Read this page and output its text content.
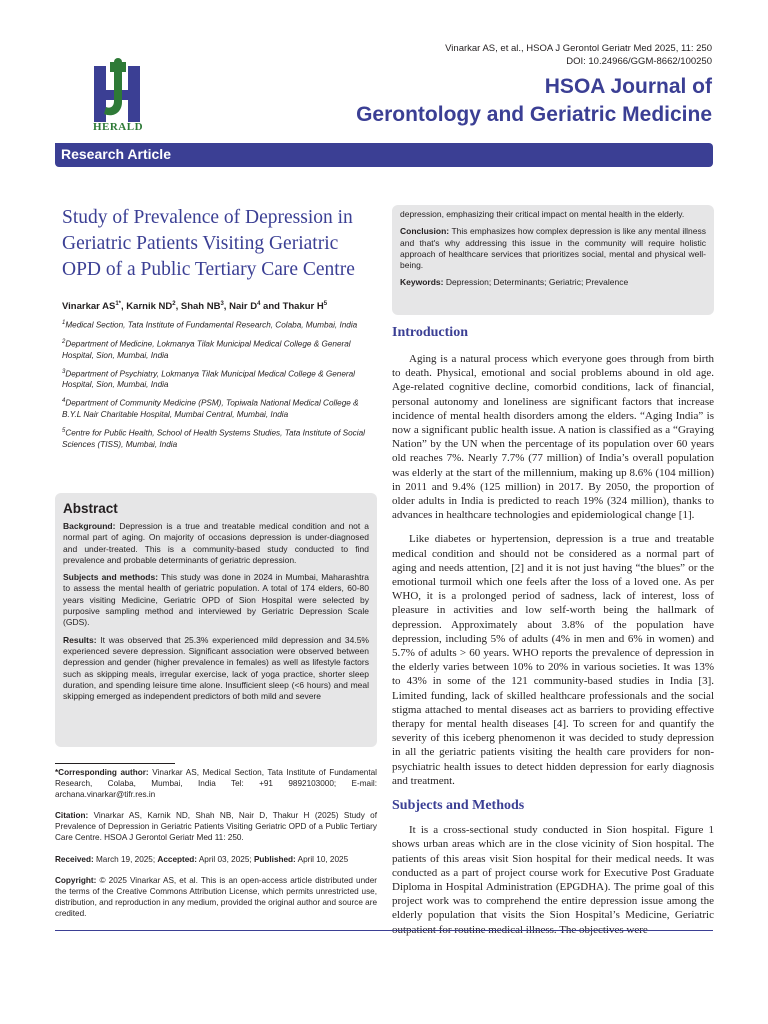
HERALD
Vinarkar AS, et al., HSOA J Gerontol Geriatr Med 2025, 11: 250
DOI: 10.24966/GGM-8662/100250
HSOA Journal of
Gerontology and Geriatric Medicine
Research Article
Study of Prevalence of Depression in Geriatric Patients Visiting Geriatric OPD of a Public Tertiary Care Centre
Vinarkar $AS^{1*}$, Karnik $ND^2$, Shah $NB^3$, Nair $D^4$ and Thakur $H^5$
$^1$Medical Section, Tata Institute of Fundamental Research, Colaba, Mumbai, India
$^2$Department of Medicine, Lokmanya Tilak Municipal Medical College & General Hospital, Sion, Mumbai, India
$^3$Department of Psychiatry, Lokmanya Tilak Municipal Medical College & General Hospital, Sion, Mumbai, India
$^4$Department of Community Medicine (PSM), Topiwala National Medical College & B.Y.L Nair Charitable Hospital, Mumbai Central, Mumbai, India
$^5$Centre for Public Health, School of Health Systems Studies, Tata Institute of Social Sciences (TISS), Mumbai, India
Abstract

Background: Depression is a true and treatable medical condition and not a normal part of aging. On majority of occasions depression is under-diagnosed and under-treated. This is a community-based study conducted to find prevalence and probable determinants of geriatric depression.

Subjects and methods: This study was done in 2024 in Mumbai, Maharashtra to assess the mental health of geriatric population. A total of 174 elders, 60-80 years visiting Medicine, Geriatric OPD of Sion Hospital were selected by purposive sampling method and interviewed by Geriatric Depression Scale (GDS).

Results: It was observed that 25.3% experienced mild depression and 34.5% experienced severe depression. Significant association were observed between depression and gender (higher prevalence in females) as well as lifestyle factors such as skipping meals, irregular exercise, lack of yoga practice, shorter sleep duration, and spending leisure time alone. Insufficient sleep (<6 hours) and meal skipping emerged as independent predictors of both mild and severe

*Corresponding author: Vinarkar AS, Medical Section, Tata Institute of Fundamental Research, Colaba, Mumbai, India Tel: +91 9892103000; E-mail: archana.vinarkar@tifr.res.in
Citation: Vinarkar AS, Karnik ND, Shah NB, Nair D, Thakur H (2025) Study of Prevalence of Depression in Geriatric Patients Visiting Geriatric OPD of a Public Tertiary Care Centre. HSOA J Gerontol Geriatr Med 11: 250.
Received: March 19, 2025; Accepted: April 03, 2025; Published: April 10, 2025
Copyright: © 2025 Vinarkar AS, et al. This is an open-access article distributed under the terms of the Creative Commons Attribution License, which permits unrestricted use, distribution, and reproduction in any medium, provided the original author and source are credited.

depression, emphasizing their critical impact on mental health in the elderly.

Conclusion: This emphasizes how complex depression is like any mental illness and that's why addressing this issue in the community will require holistic approach of healthcare services that prioritizes social, mental and physical well-being.

Keywords: Depression; Determinants; Geriatric; Prevalence

Introduction

Aging is a natural process which everyone goes through from birth to death. Physical, emotional and social problems abound in old age. Age-related cognitive decline, comorbid conditions, lack of financial, personal autonomy and loneliness are significant factors that increase incidence of mental health disorders among the elders. “Aging India” is now a significant public health issue. A nation is classified as a “Graying Nation” by the UN when the percentage of its population over 60 years old reaches 7%. Nearly 7.7% (77 million) of India’s overall population was elderly at the start of the millennium, making up 8.6% (104 million) in 2011 and 9.4% (125 million) in 2017. By 2050, the proportion of older adults in India is predicted to reach 19% (324 million), thanks to advances in healthcare technologies and epidemiological change [1].

Like diabetes or hypertension, depression is a true and treatable medical condition and should not be considered as a normal part of aging and needs attention, [2] and it is not just having “the blues” or the emotional turmoil which one feels after the loss of a loved one. As per WHO, it is a prolonged period of sadness, lack of interest, loss of pleasure in activities and low self-worth being the hallmark of depression. Approximately about 3.8% of the population have depression, including 5% of adults (4% in men and 6% in women) and 5.7% of adults > 60 years. WHO reports the prevalence of depression in the elderly varies between 10% to 20% in various societies. It was 13% to 43% in some of the 121 community-based studies in India [3]. Limited funding, lack of skilled healthcare professionals and the social stigma attached to mental diseases act as barriers to providing effective therapy for mental health diseases [4]. To screen for and quantify the severity of this iceberg phenomenon it was decided to study depression in all the geriatric patients visiting the health care providers for non-psychiatric health issues to detect hidden depression for early diagnosis and treatment.

Subjects and Methods

It is a cross-sectional study conducted in Sion hospital. Figure 1 shows urban areas which are in the close vicinity of Sion hospital. The patients of this areas visit Sion hospital for their medical needs. It was conducted as a part of project course work for Executive Post Graduate Diploma in Hospital Administration (EPGDHA). The prime goal of this project work was to comprehend the entire depression issue among the elderly population that visits the Sion Hospital’s Medicine, Geriatric outpatient for routine medical illness. The objectives were
